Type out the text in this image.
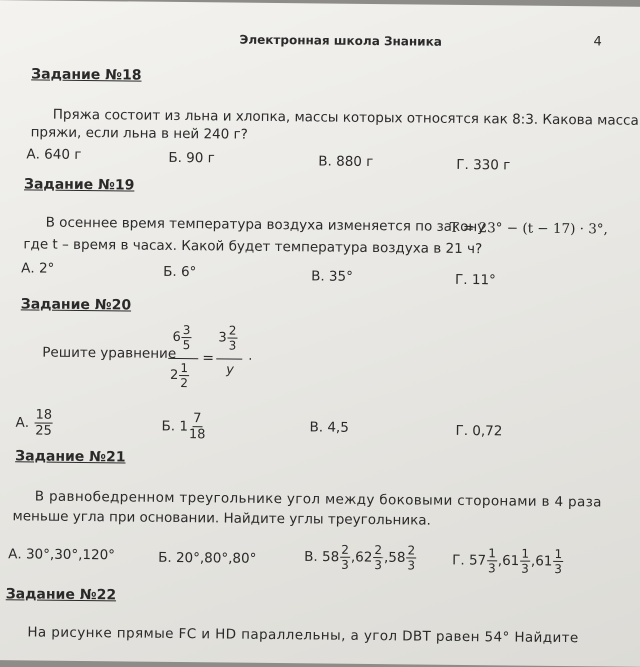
Электронная школа Знаника	4
Задание №18
Пряжа состоит из льна и хлопка, массы которых относятся как 8:3. Какова масса
пряжи, если льна в ней 240 г?
А. 640 г	Б. 90 г	В. 880 г	Г. 330 г
Задание №19
В осеннее время температура воздуха изменяется по закону
T = 23° − (t − 17) · 3°,
где t – время в часах. Какой будет температура воздуха в 21 ч?
А. 2°	Б. 6°	В. 35°	Г. 11°
Задание №20
Решите уравнение
$6 \frac{3}{5}$
$2 \frac{1}{2}$
=
$3 \frac{2}{3}$
y
.
А. $\frac{18}{25}$	Б. $1 \frac{7}{18}$	В. 4,5	Г. 0,72
Задание №21
В равнобедренном треугольнике угол между боковыми сторонами в 4 раза
меньше угла при основании. Найдите углы треугольника.
А. 30°,30°,120°	Б. 20°,80°,80°	В. $58 \frac{2}{3} ,62 \frac{2}{3} ,58 \frac{2}{3}$	Г. $57 \frac{1}{3} ,61 \frac{1}{3} ,61 \frac{1}{3}$
Задание №22
На рисунке прямые FC и HD параллельны, а угол DBT равен 54° Найдите
